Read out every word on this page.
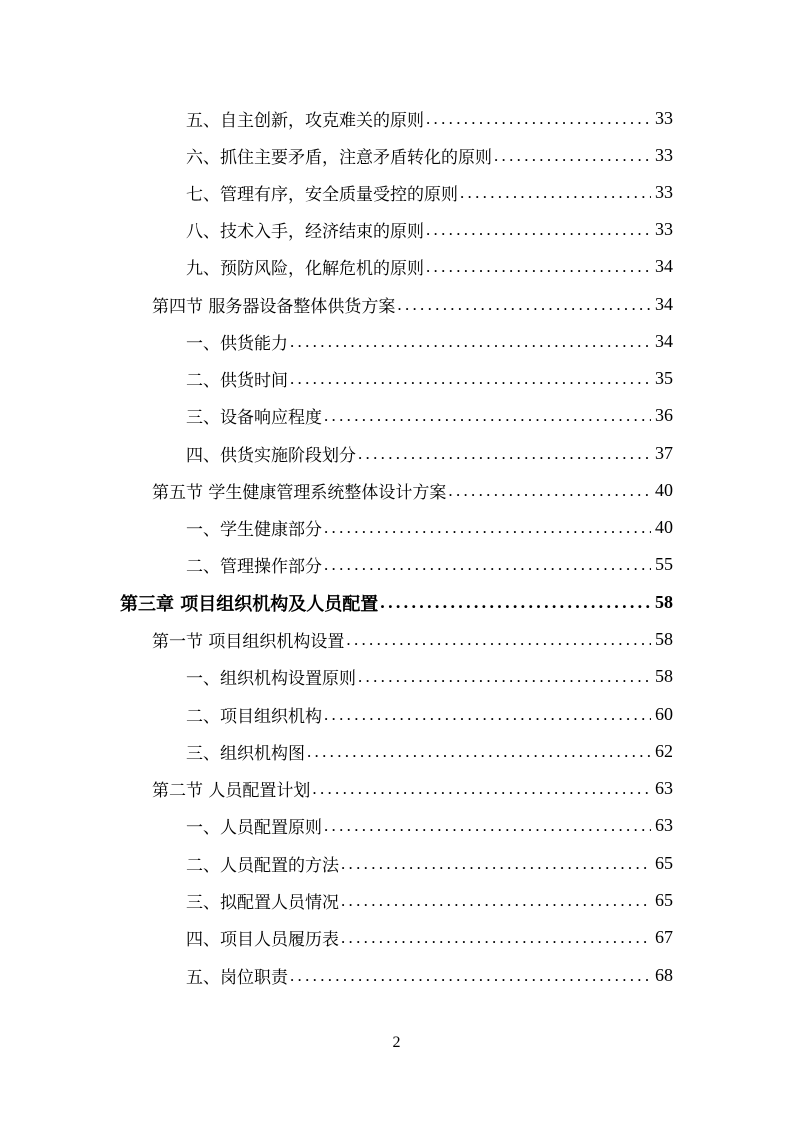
五、自主创新，攻克难关的原则 .....	33
六、抓住主要矛盾，注意矛盾转化的原则 .....	33
七、管理有序，安全质量受控的原则 .....	33
八、技术入手，经济结束的原则 .....	33
九、预防风险，化解危机的原则 .....	34
第四节 服务器设备整体供货方案 .....	34
一、供货能力 .....	34
二、供货时间 .....	35
三、设备响应程度 .....	36
四、供货实施阶段划分 .....	37
第五节 学生健康管理系统整体设计方案 .....	40
一、学生健康部分 .....	40
二、管理操作部分 .....	55
第三章 项目组织机构及人员配置 .....	58
第一节 项目组织机构设置 .....	58
一、组织机构设置原则 .....	58
二、项目组织机构 .....	60
三、组织机构图 .....	62
第二节 人员配置计划 .....	63
一、人员配置原则 .....	63
二、人员配置的方法 .....	65
三、拟配置人员情况 .....	65
四、项目人员履历表 .....	67
五、岗位职责 .....	68
2
